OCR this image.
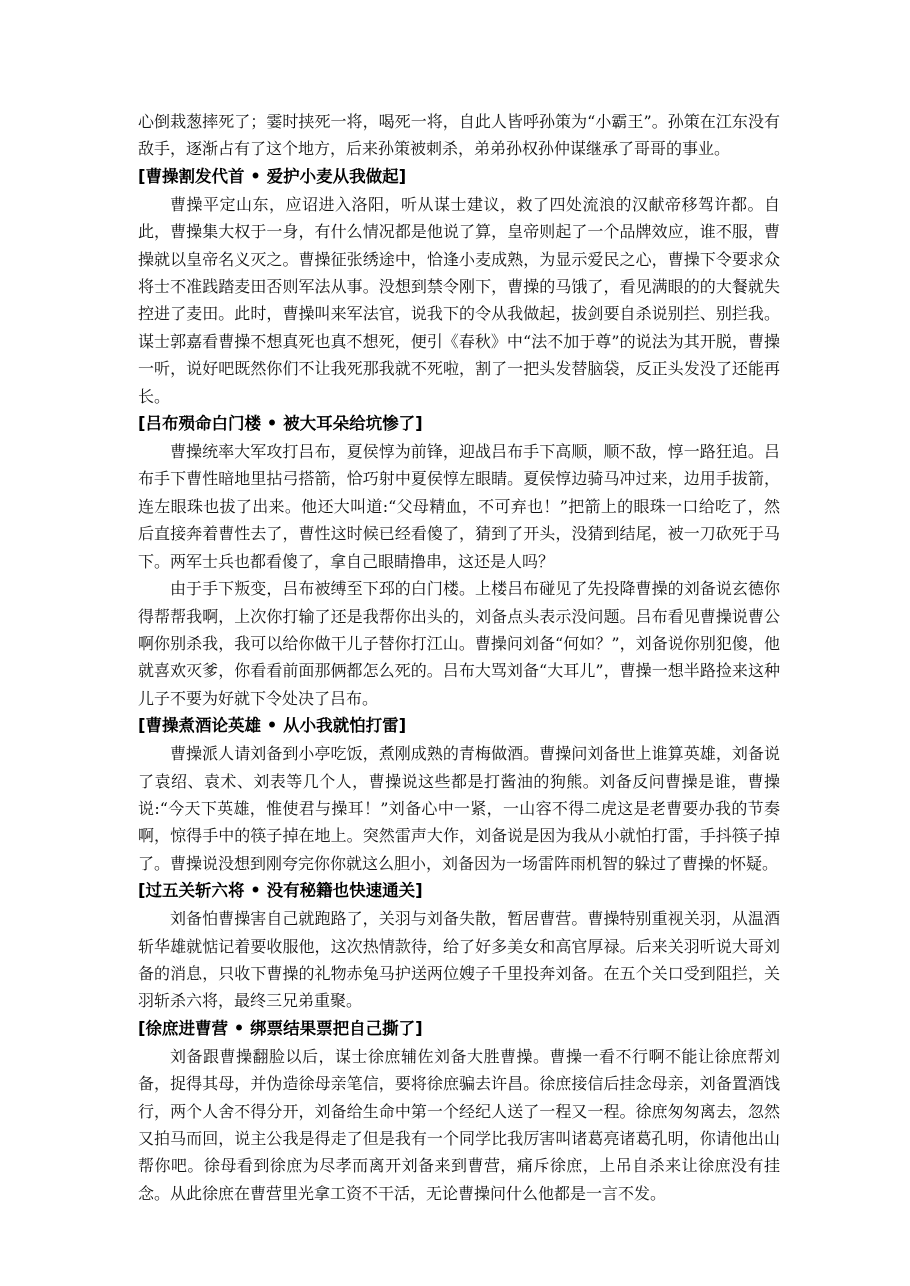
心倒栽葱摔死了；霎时挟死一将，喝死一将，自此人皆呼孙策为“小霸王”。孙策在江东没有敌手，逐渐占有了这个地方，后来孙策被刺杀，弟弟孙权孙仲谋继承了哥哥的事业。

[曹操割发代首 • 爱护小麦从我做起]

曹操平定山东，应诏进入洛阳，听从谋士建议，救了四处流浪的汉献帝移驾许都。自此，曹操集大权于一身，有什么情况都是他说了算，皇帝则起了一个品牌效应，谁不服，曹操就以皇帝名义灭之。曹操征张绣途中，恰逢小麦成熟，为显示爱民之心，曹操下令要求众将士不准践踏麦田否则军法从事。没想到禁令刚下，曹操的马饿了，看见满眼的的大餐就失控进了麦田。此时，曹操叫来军法官，说我下的令从我做起，拔剑要自杀说别拦、别拦我。谋士郭嘉看曹操不想真死也真不想死，便引《春秋》中“法不加于尊”的说法为其开脱，曹操一听，说好吧既然你们不让我死那我就不死啦，割了一把头发替脑袋，反正头发没了还能再长。

[吕布殒命白门楼 • 被大耳朵给坑惨了]

曹操统率大军攻打吕布，夏侯惇为前锋，迎战吕布手下高顺，顺不敌，惇一路狂追。吕布手下曹性暗地里拈弓搭箭，恰巧射中夏侯惇左眼睛。夏侯惇边骑马冲过来，边用手拔箭，连左眼珠也拔了出来。他还大叫道:“父母精血，不可弃也！”把箭上的眼珠一口给吃了，然后直接奔着曹性去了，曹性这时候已经看傻了，猜到了开头，没猜到结尾，被一刀砍死于马下。两军士兵也都看傻了，拿自己眼睛撸串，这还是人吗？

由于手下叛变，吕布被缚至下邳的白门楼。上楼吕布碰见了先投降曹操的刘备说玄德你得帮帮我啊，上次你打输了还是我帮你出头的，刘备点头表示没问题。吕布看见曹操说曹公啊你别杀我，我可以给你做干儿子替你打江山。曹操问刘备“何如？”，刘备说你别犯傻，他就喜欢灭爹，你看看前面那俩都怎么死的。吕布大骂刘备“大耳儿”，曹操一想半路捡来这种儿子不要为好就下令处决了吕布。

[曹操煮酒论英雄 • 从小我就怕打雷]

曹操派人请刘备到小亭吃饭，煮刚成熟的青梅做酒。曹操问刘备世上谁算英雄，刘备说了袁绍、袁术、刘表等几个人，曹操说这些都是打酱油的狗熊。刘备反问曹操是谁，曹操说:“今天下英雄，惟使君与操耳！”刘备心中一紧，一山容不得二虎这是老曹要办我的节奏啊，惊得手中的筷子掉在地上。突然雷声大作，刘备说是因为我从小就怕打雷，手抖筷子掉了。曹操说没想到刚夸完你你就这么胆小，刘备因为一场雷阵雨机智的躲过了曹操的怀疑。

[过五关斩六将 • 没有秘籍也快速通关]

刘备怕曹操害自己就跑路了，关羽与刘备失散，暂居曹营。曹操特别重视关羽，从温酒斩华雄就惦记着要收服他，这次热情款待，给了好多美女和高官厚禄。后来关羽听说大哥刘备的消息，只收下曹操的礼物赤兔马护送两位嫂子千里投奔刘备。在五个关口受到阻拦，关羽斩杀六将，最终三兄弟重聚。

[徐庶进曹营 • 绑票结果票把自己撕了]

刘备跟曹操翻脸以后，谋士徐庶辅佐刘备大胜曹操。曹操一看不行啊不能让徐庶帮刘备，捉得其母，并伪造徐母亲笔信，要将徐庶骗去许昌。徐庶接信后挂念母亲，刘备置酒饯行，两个人舍不得分开，刘备给生命中第一个经纪人送了一程又一程。徐庶匆匆离去，忽然又拍马而回，说主公我是得走了但是我有一个同学比我厉害叫诸葛亮诸葛孔明，你请他出山帮你吧。徐母看到徐庶为尽孝而离开刘备来到曹营，痛斥徐庶，上吊自杀来让徐庶没有挂念。从此徐庶在曹营里光拿工资不干活，无论曹操问什么他都是一言不发。
